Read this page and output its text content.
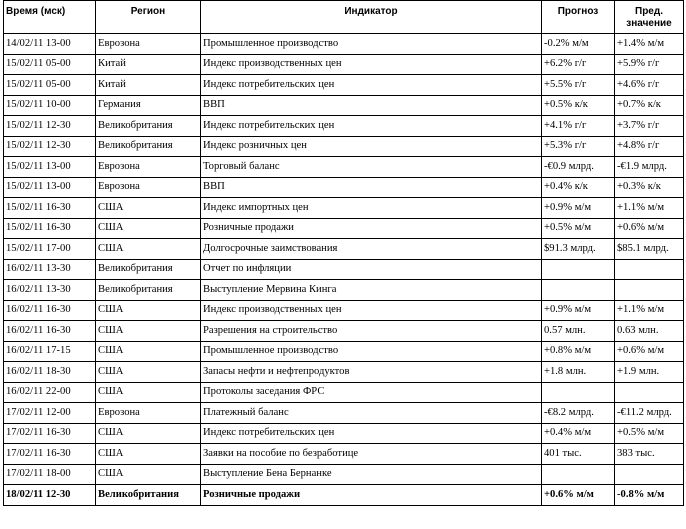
Время (мск)	Регион	Индикатор	Прогноз	Пред.
значение

14/02/11 13-00	Еврозона	Промышленное производство	-0.2% м/м	+1.4% м/м
15/02/11 05-00	Китай	Индекс производственных цен	+6.2% г/г	+5.9% г/г
15/02/11 05-00	Китай	Индекс потребительских цен	+5.5% г/г	+4.6% г/г
15/02/11 10-00	Германия	ВВП	+0.5% к/к	+0.7% к/к
15/02/11 12-30	Великобритания	Индекс потребительских цен	+4.1% г/г	+3.7% г/г
15/02/11 12-30	Великобритания	Индекс розничных цен	+5.3% г/г	+4.8% г/г
15/02/11 13-00	Еврозона	Торговый баланс	-€0.9 млрд.	-€1.9 млрд.
15/02/11 13-00	Еврозона	ВВП	+0.4% к/к	+0.3% к/к
15/02/11 16-30	США	Индекс импортных цен	+0.9% м/м	+1.1% м/м
15/02/11 16-30	США	Розничные продажи	+0.5% м/м	+0.6% м/м
15/02/11 17-00	США	Долгосрочные заимствования	$91.3 млрд.	$85.1 млрд.
16/02/11 13-30	Великобритания	Отчет по инфляции		
16/02/11 13-30	Великобритания	Выступление Мервина Кинга		
16/02/11 16-30	США	Индекс производственных цен	+0.9% м/м	+1.1% м/м
16/02/11 16-30	США	Разрешения на строительство	0.57 млн.	0.63 млн.
16/02/11 17-15	США	Промышленное производство	+0.8% м/м	+0.6% м/м
16/02/11 18-30	США	Запасы нефти и нефтепродуктов	+1.8 млн.	+1.9 млн.
16/02/11 22-00	США	Протоколы заседания ФРС		
17/02/11 12-00	Еврозона	Платежный баланс	-€8.2 млрд.	-€11.2 млрд.
17/02/11 16-30	США	Индекс потребительских цен	+0.4% м/м	+0.5% м/м
17/02/11 16-30	США	Заявки на пособие по безработице	401 тыс.	383 тыс.
17/02/11 18-00	США	Выступление Бена Бернанке		
18/02/11 12-30	Великобритания	Розничные продажи	+0.6% м/м	-0.8% м/м
